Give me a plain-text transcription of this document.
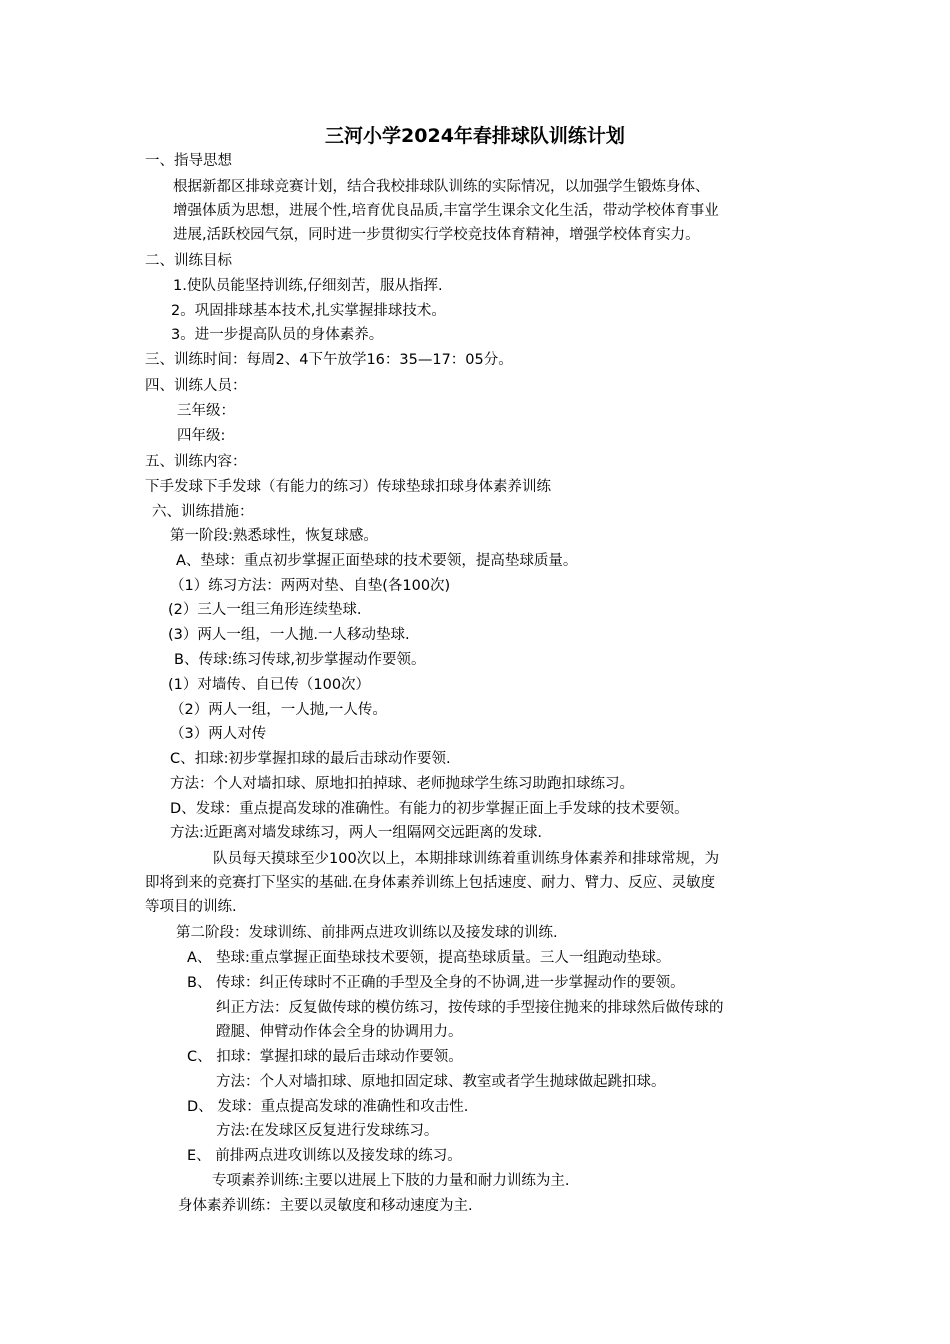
三河小学2024年春排球队训练计划
一、指导思想
根据新都区排球竞赛计划，结合我校排球队训练的实际情况，以加强学生锻炼身体、
增强体质为思想，进展个性,培育优良品质,丰富学生课余文化生活，带动学校体育事业
进展,活跃校园气氛，同时进一步贯彻实行学校竞技体育精神，增强学校体育实力。
二、训练目标
1.使队员能坚持训练,仔细刻苦，服从指挥.
2。巩固排球基本技术,扎实掌握排球技术。
3。进一步提高队员的身体素养。
三、训练时间：每周2、4下午放学16：35—17：05分。
四、训练人员：
三年级：
四年级:
五、训练内容：
下手发球下手发球（有能力的练习）传球垫球扣球身体素养训练
六、训练措施：
第一阶段:熟悉球性，恢复球感。
A、垫球：重点初步掌握正面垫球的技术要领，提高垫球质量。
（1）练习方法：两两对垫、自垫(各100次)
(2）三人一组三角形连续垫球.
(3）两人一组，一人抛.一人移动垫球.
B、传球:练习传球,初步掌握动作要领。
(1）对墙传、自已传（100次）
（2）两人一组，一人抛,一人传。
（3）两人对传
C、扣球:初步掌握扣球的最后击球动作要领.
方法：个人对墙扣球、原地扣拍掉球、老师抛球学生练习助跑扣球练习。
D、发球：重点提高发球的准确性。有能力的初步掌握正面上手发球的技术要领。
方法:近距离对墙发球练习，两人一组隔网交远距离的发球.
队员每天摸球至少100次以上，本期排球训练着重训练身体素养和排球常规，为
即将到来的竞赛打下坚实的基础.在身体素养训练上包括速度、耐力、臂力、反应、灵敏度
等项目的训练.
第二阶段：发球训练、前排两点进攻训练以及接发球的训练.
A、 垫球:重点掌握正面垫球技术要领，提高垫球质量。三人一组跑动垫球。
B、 传球：纠正传球时不正确的手型及全身的不协调,进一步掌握动作的要领。
纠正方法：反复做传球的模仿练习，按传球的手型接住抛来的排球然后做传球的
蹬腿、伸臂动作体会全身的协调用力。
C、 扣球：掌握扣球的最后击球动作要领。
方法：个人对墙扣球、原地扣固定球、教室或者学生抛球做起跳扣球。
D、 发球：重点提高发球的准确性和攻击性.
方法:在发球区反复进行发球练习。
E、 前排两点进攻训练以及接发球的练习。
专项素养训练:主要以进展上下肢的力量和耐力训练为主.
身体素养训练：主要以灵敏度和移动速度为主.
